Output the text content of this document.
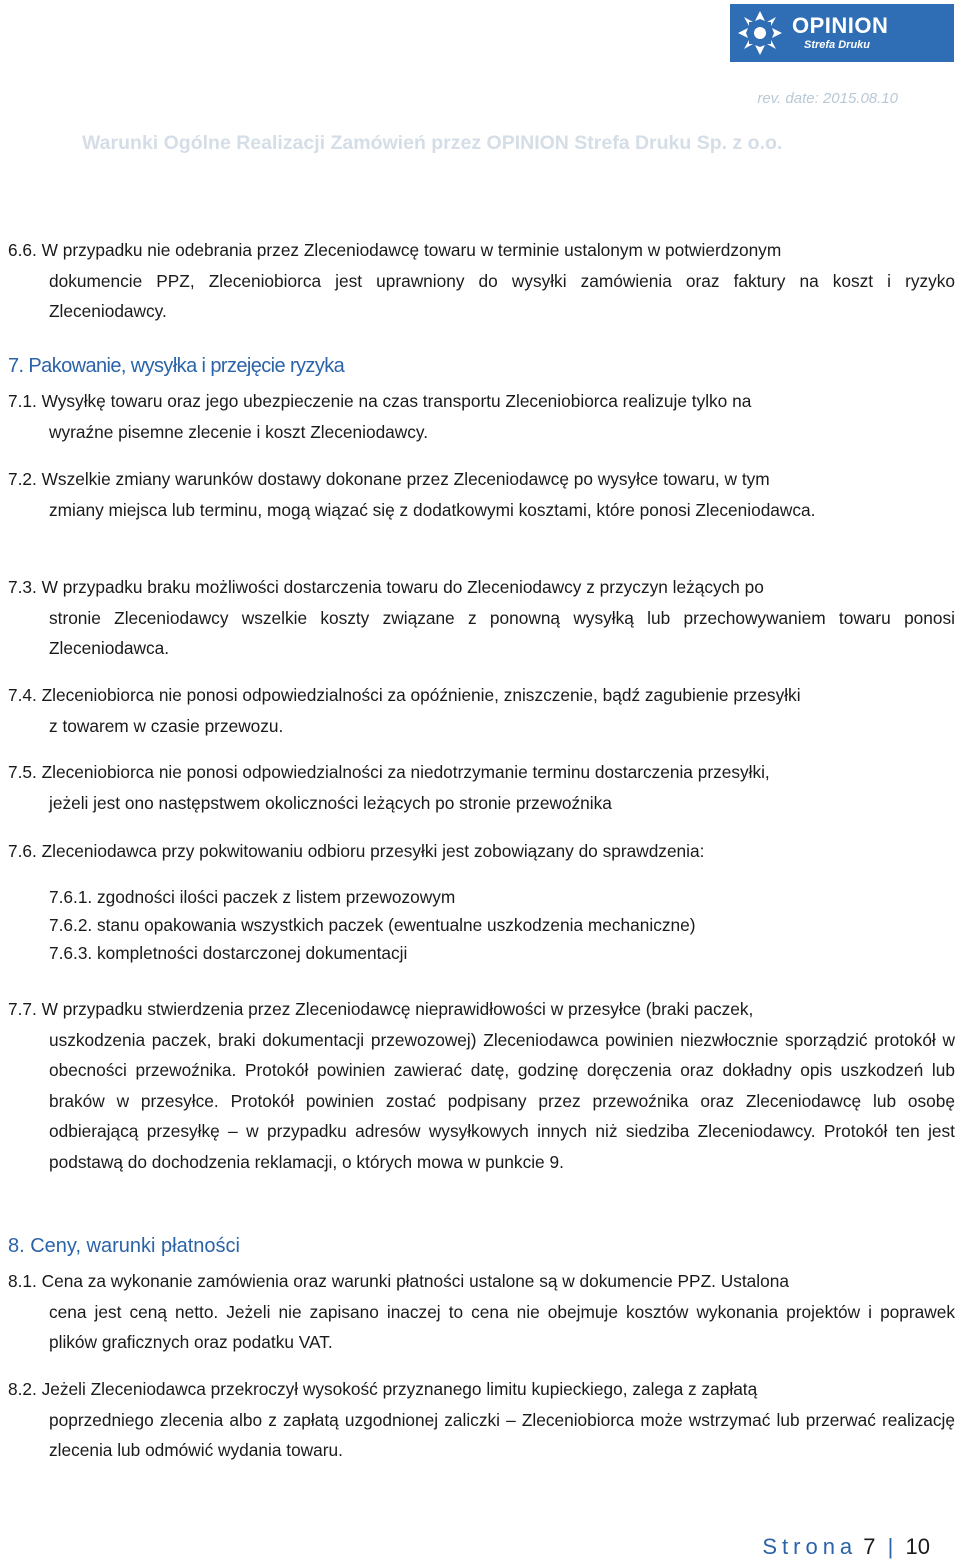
OPINION
Strefa Druku
rev. date: 2015.08.10
Warunki Ogólne Realizacji Zamówień przez OPINION Strefa Druku Sp. z o.o.
6.6. W przypadku nie odebrania przez Zleceniodawcę towaru w terminie ustalonym w potwierdzonym
dokumencie PPZ, Zleceniobiorca jest uprawniony do wysyłki zamówienia oraz faktury na koszt i ryzyko Zleceniodawcy.
7. Pakowanie, wysyłka i przejęcie ryzyka
7.1. Wysyłkę towaru oraz jego ubezpieczenie na czas transportu Zleceniobiorca realizuje tylko na
wyraźne pisemne zlecenie i koszt Zleceniodawcy.
7.2. Wszelkie zmiany warunków dostawy dokonane przez Zleceniodawcę po wysyłce towaru, w tym
zmiany miejsca lub terminu, mogą wiązać się z dodatkowymi kosztami, które ponosi Zleceniodawca.
7.3. W przypadku braku możliwości dostarczenia towaru do Zleceniodawcy z przyczyn leżących po
stronie Zleceniodawcy wszelkie koszty związane z ponowną wysyłką lub przechowywaniem towaru ponosi Zleceniodawca.
7.4. Zleceniobiorca nie ponosi odpowiedzialności za opóźnienie, zniszczenie, bądź zagubienie przesyłki
z towarem w czasie przewozu.
7.5. Zleceniobiorca nie ponosi odpowiedzialności za niedotrzymanie terminu dostarczenia przesyłki,
jeżeli jest ono następstwem okoliczności leżących po stronie przewoźnika
7.6. Zleceniodawca przy pokwitowaniu odbioru przesyłki jest zobowiązany do sprawdzenia:
7.6.1. zgodności ilości paczek z listem przewozowym
7.6.2. stanu opakowania wszystkich paczek (ewentualne uszkodzenia mechaniczne)
7.6.3. kompletności dostarczonej dokumentacji
7.7. W przypadku stwierdzenia przez Zleceniodawcę nieprawidłowości w przesyłce (braki paczek,
uszkodzenia paczek, braki dokumentacji przewozowej) Zleceniodawca powinien niezwłocznie sporządzić protokół w obecności przewoźnika. Protokół powinien zawierać datę, godzinę doręczenia oraz dokładny opis uszkodzeń lub braków w przesyłce. Protokół powinien zostać podpisany przez przewoźnika oraz Zleceniodawcę lub osobę odbierającą przesyłkę – w przypadku adresów wysyłkowych innych niż siedziba Zleceniodawcy. Protokół ten jest podstawą do dochodzenia reklamacji, o których mowa w punkcie 9.
8. Ceny, warunki płatności
8.1. Cena za wykonanie zamówienia oraz warunki płatności ustalone są w dokumencie PPZ. Ustalona
cena jest ceną netto. Jeżeli nie zapisano inaczej to cena nie obejmuje kosztów wykonania projektów i poprawek plików graficznych oraz podatku VAT.
8.2. Jeżeli Zleceniodawca przekroczył wysokość przyznanego limitu kupieckiego, zalega z zapłatą
poprzedniego zlecenia albo z zapłatą uzgodnionej zaliczki – Zleceniobiorca może wstrzymać lub przerwać realizację zlecenia lub odmówić wydania towaru.
Strona 7 | 10
